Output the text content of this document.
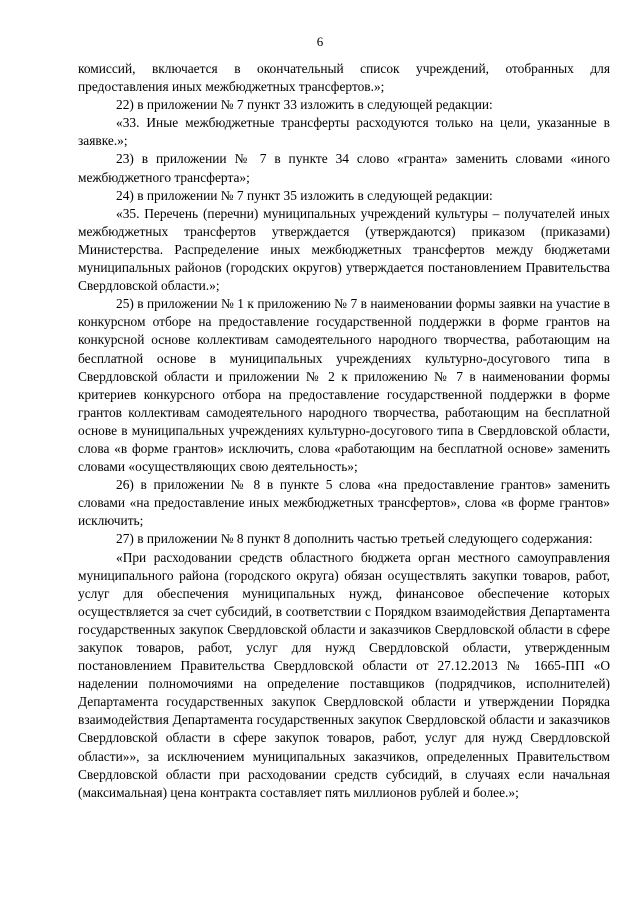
6

комиссий, включается в окончательный список учреждений, отобранных для предоставления иных межбюджетных трансфертов.»;

22) в приложении № 7 пункт 33 изложить в следующей редакции:

«33. Иные межбюджетные трансферты расходуются только на цели, указанные в заявке.»;

23) в приложении № 7 в пункте 34 слово «гранта» заменить словами «иного межбюджетного трансферта»;

24) в приложении № 7 пункт 35 изложить в следующей редакции:

«35. Перечень (перечни) муниципальных учреждений культуры – получателей иных межбюджетных трансфертов утверждается (утверждаются) приказом (приказами) Министерства. Распределение иных межбюджетных трансфертов между бюджетами муниципальных районов (городских округов) утверждается постановлением Правительства Свердловской области.»;

25) в приложении № 1 к приложению № 7 в наименовании формы заявки на участие в конкурсном отборе на предоставление государственной поддержки в форме грантов на конкурсной основе коллективам самодеятельного народного творчества, работающим на бесплатной основе в муниципальных учреждениях культурно-досугового типа в Свердловской области и приложении № 2 к приложению № 7 в наименовании формы критериев конкурсного отбора на предоставление государственной поддержки в форме грантов коллективам самодеятельного народного творчества, работающим на бесплатной основе в муниципальных учреждениях культурно-досугового типа в Свердловской области, слова «в форме грантов» исключить, слова «работающим на бесплатной основе» заменить словами «осуществляющих свою деятельность»;

26) в приложении № 8 в пункте 5 слова «на предоставление грантов» заменить словами «на предоставление иных межбюджетных трансфертов», слова «в форме грантов» исключить;

27) в приложении № 8 пункт 8 дополнить частью третьей следующего содержания:

«При расходовании средств областного бюджета орган местного самоуправления муниципального района (городского округа) обязан осуществлять закупки товаров, работ, услуг для обеспечения муниципальных нужд, финансовое обеспечение которых осуществляется за счет субсидий, в соответствии с Порядком взаимодействия Департамента государственных закупок Свердловской области и заказчиков Свердловской области в сфере закупок товаров, работ, услуг для нужд Свердловской области, утвержденным постановлением Правительства Свердловской области от 27.12.2013 № 1665-ПП «О наделении полномочиями на определение поставщиков (подрядчиков, исполнителей) Департамента государственных закупок Свердловской области и утверждении Порядка взаимодействия Департамента государственных закупок Свердловской области и заказчиков Свердловской области в сфере закупок товаров, работ, услуг для нужд Свердловской области»», за исключением муниципальных заказчиков, определенных Правительством Свердловской области при расходовании средств субсидий, в случаях если начальная (максимальная) цена контракта составляет пять миллионов рублей и более.»;
